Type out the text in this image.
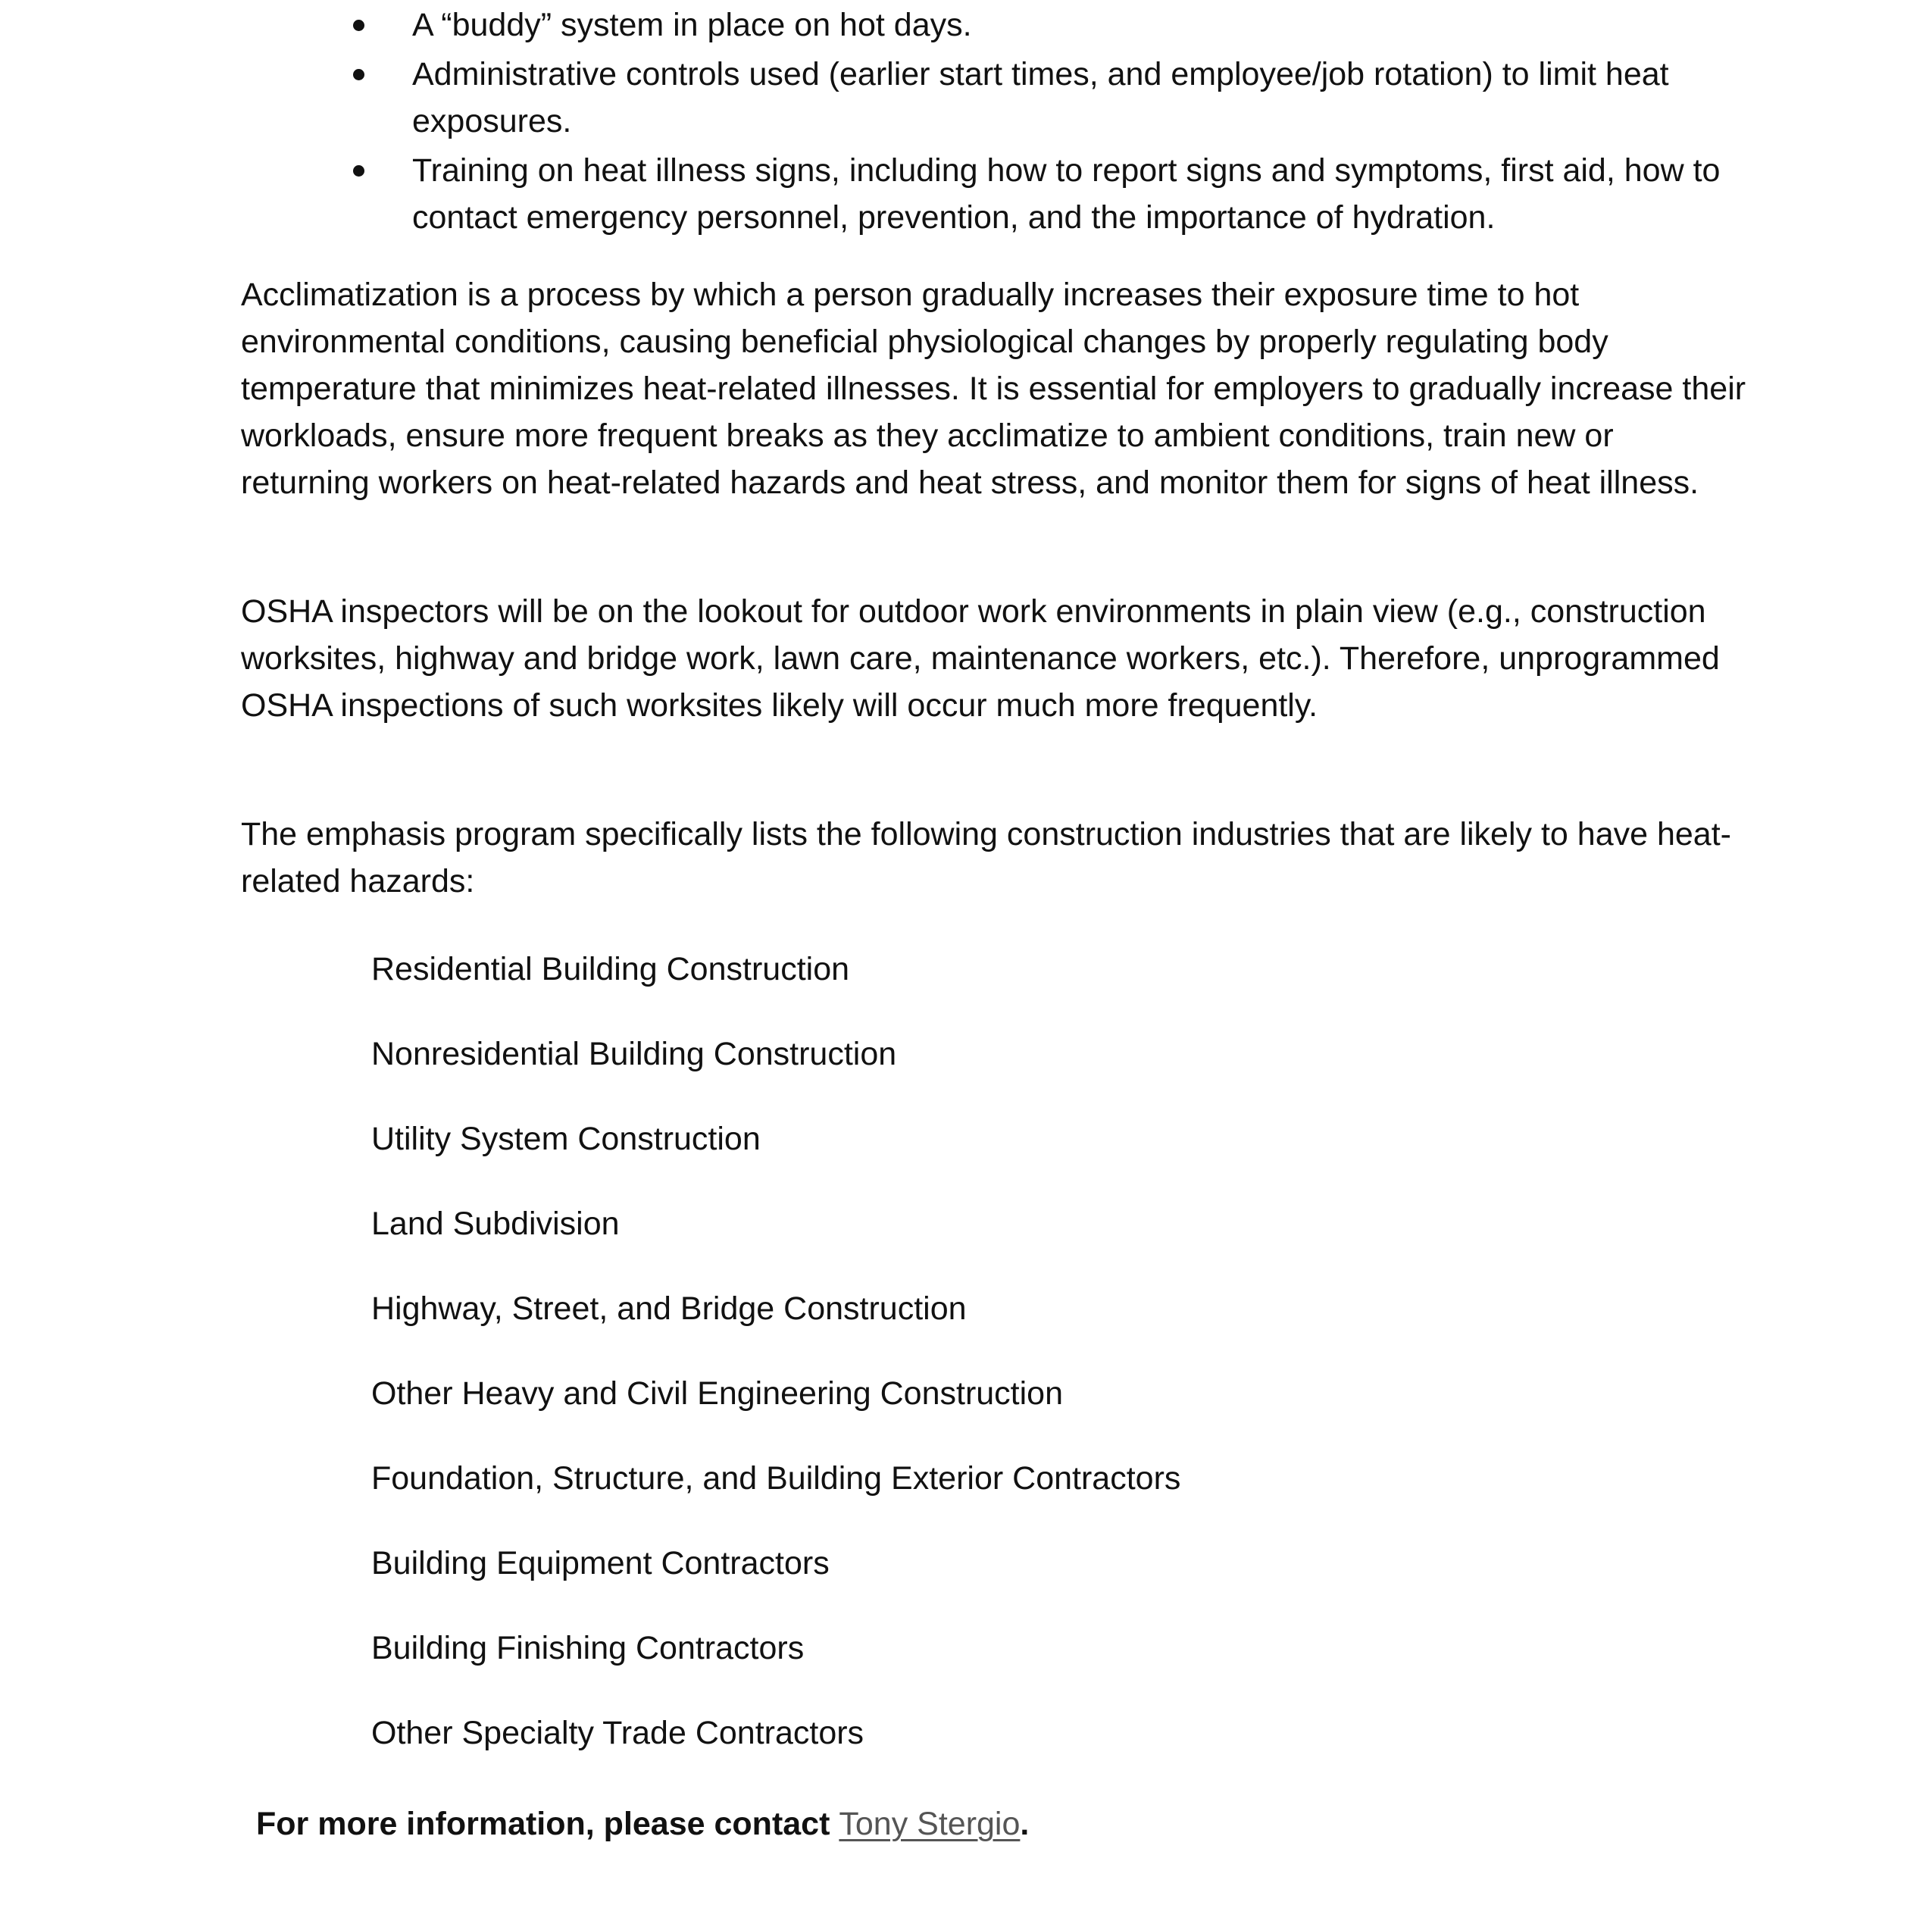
A “buddy” system in place on hot days.
Administrative controls used (earlier start times, and employee/job rotation) to limit heat exposures.
Training on heat illness signs, including how to report signs and symptoms, first aid, how to contact emergency personnel, prevention, and the importance of hydration.

Acclimatization is a process by which a person gradually increases their exposure time to hot environmental conditions, causing beneficial physiological changes by properly regulating body temperature that minimizes heat-related illnesses. It is essential for employers to gradually increase their workloads, ensure more frequent breaks as they acclimatize to ambient conditions, train new or returning workers on heat-related hazards and heat stress, and monitor them for signs of heat illness.

OSHA inspectors will be on the lookout for outdoor work environments in plain view (e.g., construction worksites, highway and bridge work, lawn care, maintenance workers, etc.). Therefore, unprogrammed OSHA inspections of such worksites likely will occur much more frequently.

The emphasis program specifically lists the following construction industries that are likely to have heat-related hazards:

Residential Building Construction
Nonresidential Building Construction
Utility System Construction
Land Subdivision
Highway, Street, and Bridge Construction
Other Heavy and Civil Engineering Construction
Foundation, Structure, and Building Exterior Contractors
Building Equipment Contractors
Building Finishing Contractors
Other Specialty Trade Contractors
For more information, please contact Tony Stergio.
